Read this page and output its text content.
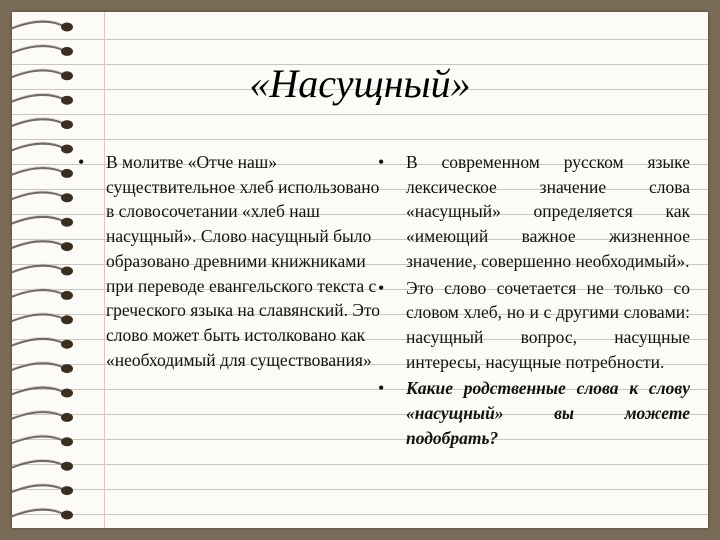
«Насущный»
• В молитве «Отче наш» существительное хлеб использовано в словосочетании «хлеб наш насущный». Слово насущный было образовано древними книжниками при переводе евангельского текста с греческого языка на славянский. Это слово может быть истолковано как «необходимый для существования»
• В современном русском языке лексическое значение слова «насущный» определяется как «имеющий важное жизненное значение, совершенно необходимый».
• Это слово сочетается не только со словом хлеб, но и с другими словами: насущный вопрос, насущные интересы, насущные потребности.
• Какие родственные слова к слову «насущный» вы можете подобрать?
